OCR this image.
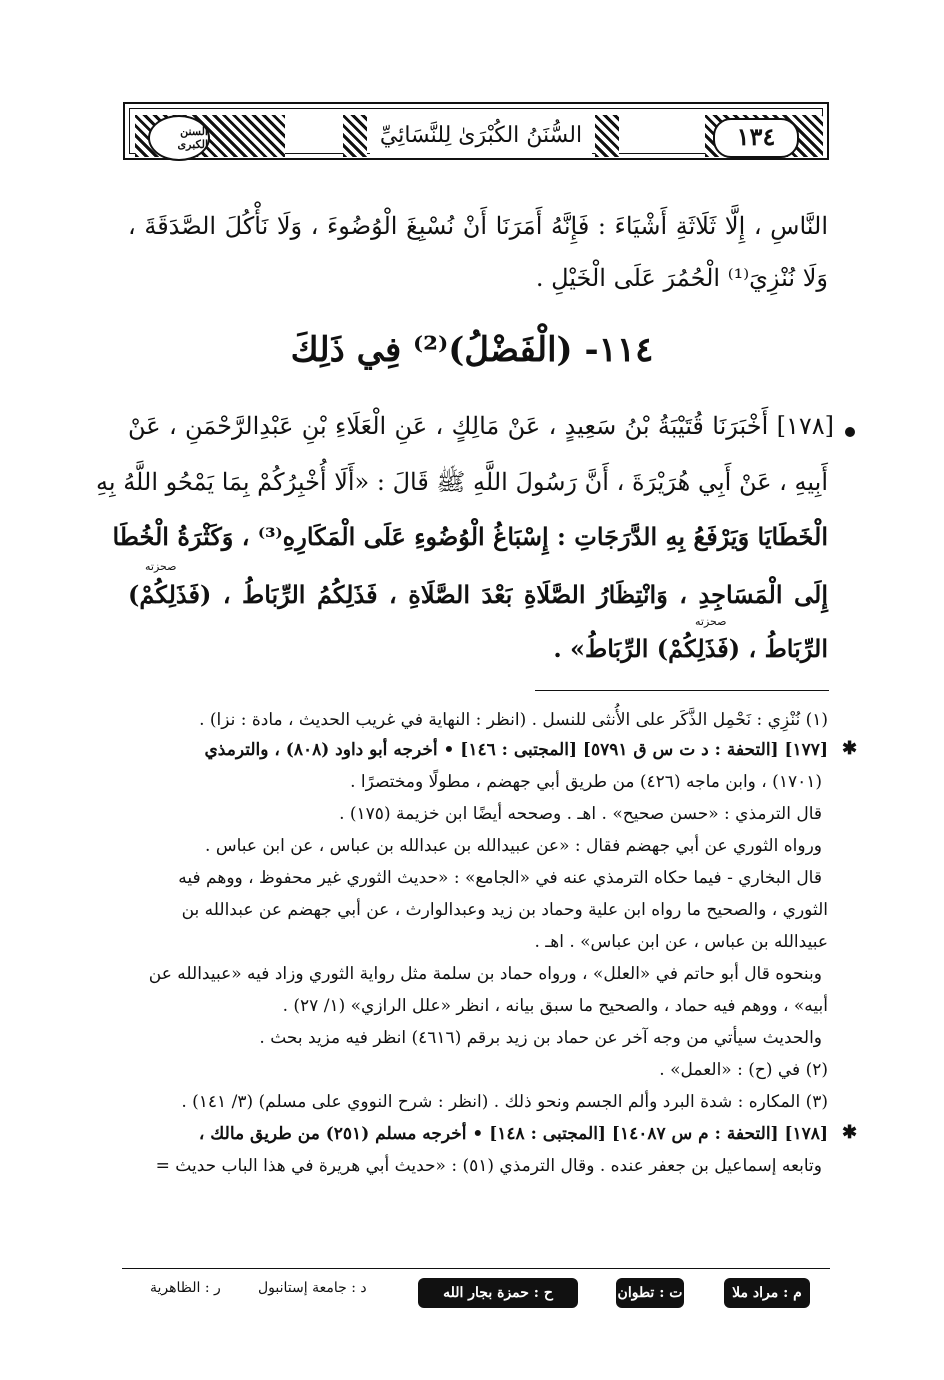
١٣٤
السُّنَنُ الكُبْرَىٰ لِلنَّسَائِيِّ
السنن الكبرى
النَّاسِ ، إِلَّا ثَلَاثَةِ أَشْيَاءَ : فَإِنَّهُ أَمَرَنَا أَنْ نُسْبِغَ الْوُضُوءَ ، وَلَا نَأْكُلَ الصَّدَقَةَ ،
وَلَا نُنْزِيَ⁽¹⁾ الْحُمُرَ عَلَى الْخَيْلِ .
١١٤- (الْفَضْلُ)⁽²⁾ فِي ذَلِكَ
[١٧٨] أَخْبَرَنَا قُتَيْبَةُ بْنُ سَعِيدٍ ، عَنْ مَالِكٍ ، عَنِ الْعَلَاءِ بْنِ عَبْدِالرَّحْمَنِ ، عَنْ
أَبِيهِ ، عَنْ أَبِي هُرَيْرَةَ ، أَنَّ رَسُولَ اللَّهِ ﷺ قَالَ : «أَلَا أُخْبِرُكُمْ بِمَا يَمْحُو اللَّهُ بِهِ
الْخَطَايَا وَيَرْفَعُ بِهِ الدَّرَجَاتِ : إِسْبَاغُ الْوُضُوءِ عَلَى الْمَكَارِهِ⁽³⁾ ، وَكَثْرَةُ الْخُطَا
إِلَى الْمَسَاجِدِ ، وَانْتِظَارُ الصَّلَاةِ بَعْدَ الصَّلَاةِ ، فَذَلِكُمُ الرِّبَاطُ ، (فَذَلِكُمْ)
الرِّبَاطُ ، (فَذَلِكُمْ) الرِّبَاطُ» .
صحزته
صحزته
(١) نُنْزِي : نَحْمِل الذَّكَر على الأُنثى للنسل . (انظر : النهاية في غريب الحديث ، مادة : نزا) .
[١٧٧] [التحفة : د ت س ق ٥٧٩١] [المجتبى : ١٤٦] • أخرجه أبو داود (٨٠٨) ، والترمذي ✱
(١٧٠١) ، وابن ماجه (٤٢٦) من طريق أبي جهضم ، مطولًا ومختصرًا .
قال الترمذي : «حسن صحيح» . اهـ . وصححه أيضًا ابن خزيمة (١٧٥) .
ورواه الثوري عن أبي جهضم فقال : «عن عبيدالله بن عبدالله بن عباس ، عن ابن عباس .
قال البخاري - فيما حكاه الترمذي عنه في «الجامع» : «حديث الثوري غير محفوظ ، ووهم فيه
الثوري ، والصحيح ما رواه ابن علية وحماد بن زيد وعبدالوارث ، عن أبي جهضم عن عبدالله بن
عبيدالله بن عباس ، عن ابن عباس» . اهـ .
وبنحوه قال أبو حاتم في «العلل» ، ورواه حماد بن سلمة مثل رواية الثوري وزاد فيه «عبيدالله عن
أبيه» ، ووهم فيه حماد ، والصحيح ما سبق بيانه ، انظر «علل الرازي» (١/ ٢٧) .
والحديث سيأتي من وجه آخر عن حماد بن زيد برقم (٤٦١٦) انظر فيه مزيد بحث .
(٢) في (ح) : «العمل» .
(٣) المكاره : شدة البرد وألم الجسم ونحو ذلك . (انظر : شرح النووي على مسلم) (٣/ ١٤١) .
[١٧٨] [التحفة : م س ١٤٠٨٧] [المجتبى : ١٤٨] • أخرجه مسلم (٢٥١) من طريق مالك ، ✱
وتابعه إسماعيل بن جعفر عنده . وقال الترمذي (٥١) : «حديث أبي هريرة في هذا الباب حديث =
م : مراد ملا
ت : تطوان
ح : حمزة بجار الله
د : جامعة إستانبول
ر : الظاهرية
